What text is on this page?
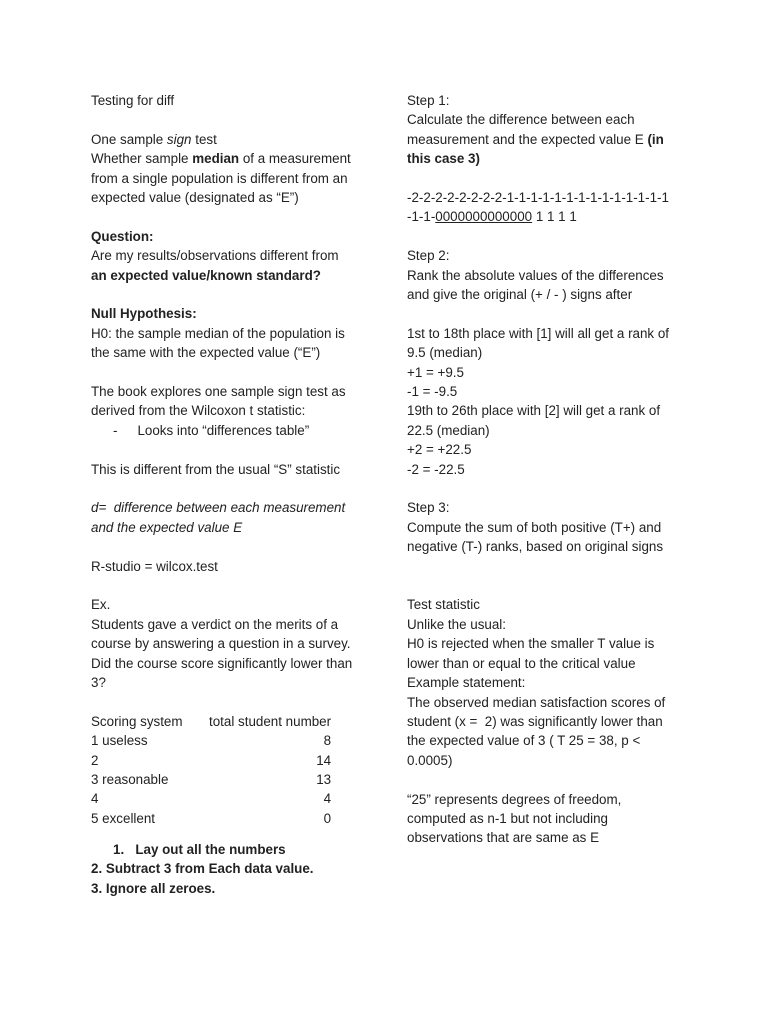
Testing for diff
One sample sign test
Whether sample median of a measurement
from a single population is different from an
expected value (designated as “E”)
Question:
Are my results/observations different from
an expected value/known standard?
Null Hypothesis:
H0: the sample median of the population is
the same with the expected value (“E”)
The book explores one sample sign test as
derived from the Wilcoxon t statistic:
- Looks into “differences table”
This is different from the usual “S” statistic
d=  difference between each measurement
and the expected value E
R-studio = wilcox.test
Ex.
Students gave a verdict on the merits of a
course by answering a question in a survey.
Did the course score significantly lower than
3?
Scoring system	total student number
1 useless	8
2	14
3 reasonable	13
4	4
5 excellent	0
1.   Lay out all the numbers
2. Subtract 3 from Each data value.
3. Ignore all zeroes.
Step 1:
Calculate the difference between each
measurement and the expected value E (in
this case 3)
-2-2-2-2-2-2-2-2-1-1-1-1-1-1-1-1-1-1-1-1-1-1
-1-1-0000000000000 1 1 1 1
Step 2:
Rank the absolute values of the differences
and give the original (+ / - ) signs after
1st to 18th place with [1] will all get a rank of
9.5 (median)
+1 = +9.5
-1 = -9.5
19th to 26th place with [2] will get a rank of
22.5 (median)
+2 = +22.5
-2 = -22.5
Step 3:
Compute the sum of both positive (T+) and
negative (T-) ranks, based on original signs
Test statistic
Unlike the usual:
H0 is rejected when the smaller T value is
lower than or equal to the critical value
Example statement:
The observed median satisfaction scores of
student (x =  2) was significantly lower than
the expected value of 3 ( T 25 = 38, p <
0.0005)
“25” represents degrees of freedom,
computed as n-1 but not including
observations that are same as E
